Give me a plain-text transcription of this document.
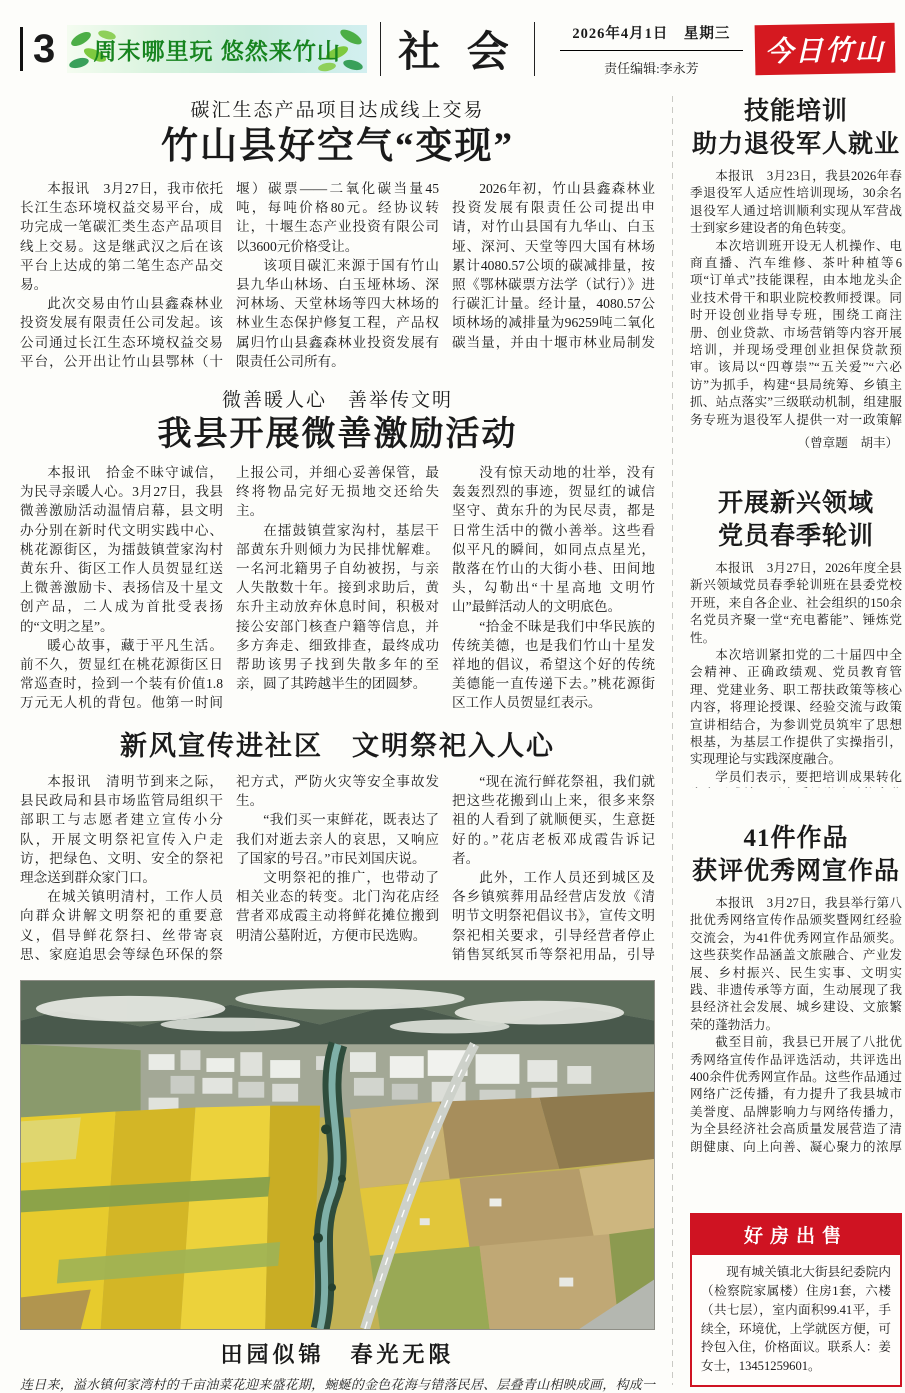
3 周末哪里玩 悠然来竹山 社 会	2026年4月1日　星期三
责任编辑:李永芳	今日竹山
碳汇生态产品项目达成线上交易
竹山县好空气“变现”

本报讯　3月27日，我市依托长江生态环境权益交易平台，成功完成一笔碳汇类生态产品项目线上交易。这是继武汉之后在该平台上达成的第二笔生态产品交易。

此次交易由竹山县鑫森林业投资发展有限责任公司发起。该公司通过长江生态环境权益交易平台，公开出让竹山县鄂林（十堰）碳票——二氧化碳当量45吨，每吨价格80元。经协议转让，十堰生态产业投资有限公司以3600元价格受让。

该项目碳汇来源于国有竹山县九华山林场、白玉垭林场、深河林场、天堂林场等四大林场的林业生态保护修复工程，产品权属归竹山县鑫森林业投资发展有限责任公司所有。

2026年初，竹山县鑫森林业投资发展有限责任公司提出申请，对竹山县国有九华山、白玉垭、深河、天堂等四大国有林场累计4080.57公顷的碳减排量，按照《鄂林碳票方法学（试行）》进行碳汇计量。经计量，4080.57公顷林场的减排量为96259吨二氧化碳当量，并由十堰市林业局制发

微善暖人心　善举传文明
我县开展微善激励活动

本报讯　拾金不昧守诚信，为民寻亲暖人心。3月27日，我县微善激励活动温情启幕，县文明办分别在新时代文明实践中心、桃花源街区，为擂鼓镇萱家沟村黄东升、街区工作人员贺显红送上微善激励卡、表扬信及十星文创产品，二人成为首批受表扬的“文明之星”。

暖心故事，藏于平凡生活。前不久，贺显红在桃花源街区日常巡查时，捡到一个装有价值1.8万元无人机的背包。他第一时间上报公司，并细心妥善保管，最终将物品完好无损地交还给失主。

在擂鼓镇萱家沟村，基层干部黄东升则倾力为民排忧解难。一名河北籍男子自幼被拐，与亲人失散数十年。接到求助后，黄东升主动放弃休息时间，积极对接公安部门核查户籍等信息，并多方奔走、细致排查，最终成功帮助该男子找到失散多年的至亲，圆了其跨越半生的团圆梦。

没有惊天动地的壮举，没有轰轰烈烈的事迹，贺显红的诚信坚守、黄东升的为民尽责，都是日常生活中的微小善举。这些看似平凡的瞬间，如同点点星光，散落在竹山的大街小巷、田间地头，勾勒出“十星高地 文明竹山”最鲜活动人的文明底色。

“拾金不昧是我们中华民族的传统美德，也是我们竹山十星发祥地的倡议，希望这个好的传统美德能一直传递下去。”桃花源街区工作人员贺显红表示。

新风宣传进社区　文明祭祀入人心

本报讯　清明节到来之际，县民政局和县市场监管局组织干部职工与志愿者建立宣传小分队，开展文明祭祀宣传入户走访，把绿色、文明、安全的祭祀理念送到群众家门口。

在城关镇明清村，工作人员向群众讲解文明祭祀的重要意义，倡导鲜花祭扫、丝带寄哀思、家庭追思会等绿色环保的祭祀方式，严防火灾等安全事故发生。

“我们买一束鲜花，既表达了我们对逝去亲人的哀思，又响应了国家的号召。”市民刘国庆说。

文明祭祀的推广，也带动了相关业态的转变。北门沟花店经营者邓成霞主动将鲜花摊位搬到明清公墓附近，方便市民选购。

“现在流行鲜花祭祖，我们就把这些花搬到山上来，很多来祭祖的人看到了就顺便买，生意挺好的。”花店老板邓成霞告诉记者。

此外，工作人员还到城区及各乡镇殡葬用品经营店发放《清明节文明祭祀倡议书》，宣传文明祭祀相关要求，引导经营者停止销售冥纸冥币等祭祀用品，引导

田园似锦　春光无限
连日来，溢水镇何家湾村的千亩油菜花迎来盛花期，蜿蜒的金色花海与错落民居、层叠青山相映成画，构成一
技能培训
助力退役军人就业

本报讯　3月23日，我县2026年春季退役军人适应性培训现场，30余名退役军人通过培训顺利实现从军营战士到家乡建设者的角色转变。

本次培训班开设无人机操作、电商直播、汽车维修、茶叶种植等6项“订单式”技能课程，由本地龙头企业技术骨干和职业院校教师授课。同时开设创业指导专班，围绕工商注册、创业贷款、市场营销等内容开展培训，并现场受理创业担保贷款预审。该局以“四尊崇”“五关爱”“六必访”为抓手，构建“县局统筹、乡镇主抓、站点落实”三级联动机制，组建服务专班为退役军人提供一对一政策解

（曾章题　胡丰）
开展新兴领域
党员春季轮训

本报讯　3月27日，2026年度全县新兴领域党员春季轮训班在县委党校开班，来自各企业、社会组织的150余名党员齐聚一堂“充电蓄能”、锤炼党性。

本次培训紧扣党的二十届四中全会精神、正确政绩观、党员教育管理、党建业务、职工帮扶政策等核心内容，将理论授课、经验交流与政策宣讲相结合，为参训党员筑牢了思想根基，为基层工作提供了实操指引，实现理论与实践深度融合。

学员们表示，要把培训成果转化

41件作品
获评优秀网宣作品

本报讯　3月27日，我县举行第八批优秀网络宣传作品颁奖暨网红经验交流会，为41件优秀网宣作品颁奖。这些获奖作品涵盖文旅融合、产业发展、乡村振兴、民生实事、文明实践、非遗传承等方面，生动展现了我县经济社会发展、城乡建设、文旅繁荣的蓬勃活力。

截至目前，我县已开展了八批优秀网络宣传作品评选活动，共评选出400余件优秀网宣作品。这些作品通过网络广泛传播，有力提升了我县城市美誉度、品牌影响力与网络传播力，为全县经济社会高质量发展营造了清朗健康、向上向善、凝心聚力的浓厚

好房出售

现有城关镇北大街县纪委院内（检察院家属楼）住房1套，六楼（共七层），室内面积99.41平，手续全，环境优，上学就医方便，可拎包入住，价格面议。联系人：姜女士，13451259601。
